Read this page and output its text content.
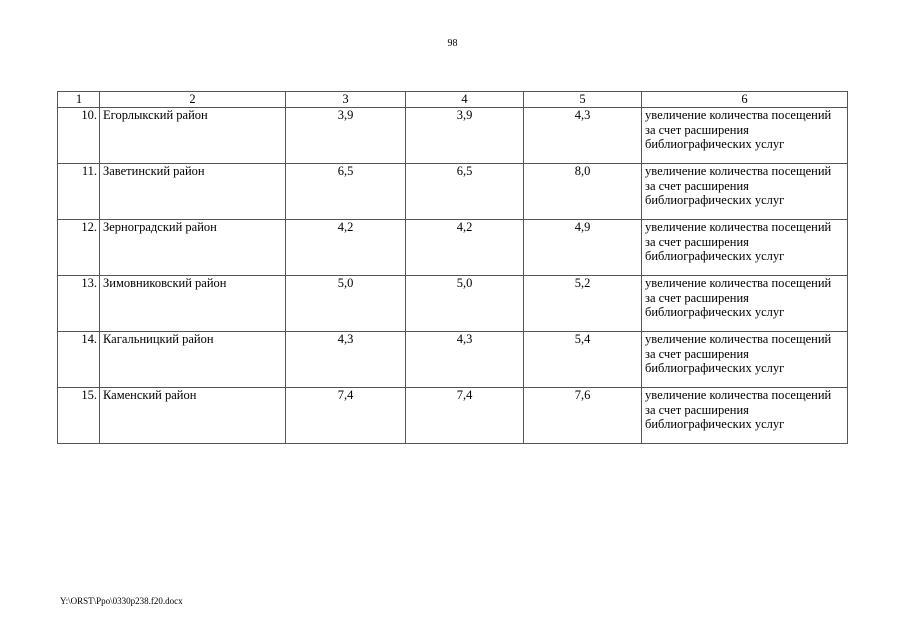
98
1	2	3	4	5	6
10.	Егорлыкский район	3,9	3,9	4,3	увеличение количества посещений за счет расширения библиографических услуг
11.	Заветинский район	6,5	6,5	8,0	увеличение количества посещений за счет расширения библиографических услуг
12.	Зерноградский район	4,2	4,2	4,9	увеличение количества посещений за счет расширения библиографических услуг
13.	Зимовниковский район	5,0	5,0	5,2	увеличение количества посещений за счет расширения библиографических услуг
14.	Кагальницкий район	4,3	4,3	5,4	увеличение количества посещений за счет расширения библиографических услуг
15.	Каменский район	7,4	7,4	7,6	увеличение количества посещений за счет расширения библиографических услуг
Y:\ORST\Ppo\0330p238.f20.docx
